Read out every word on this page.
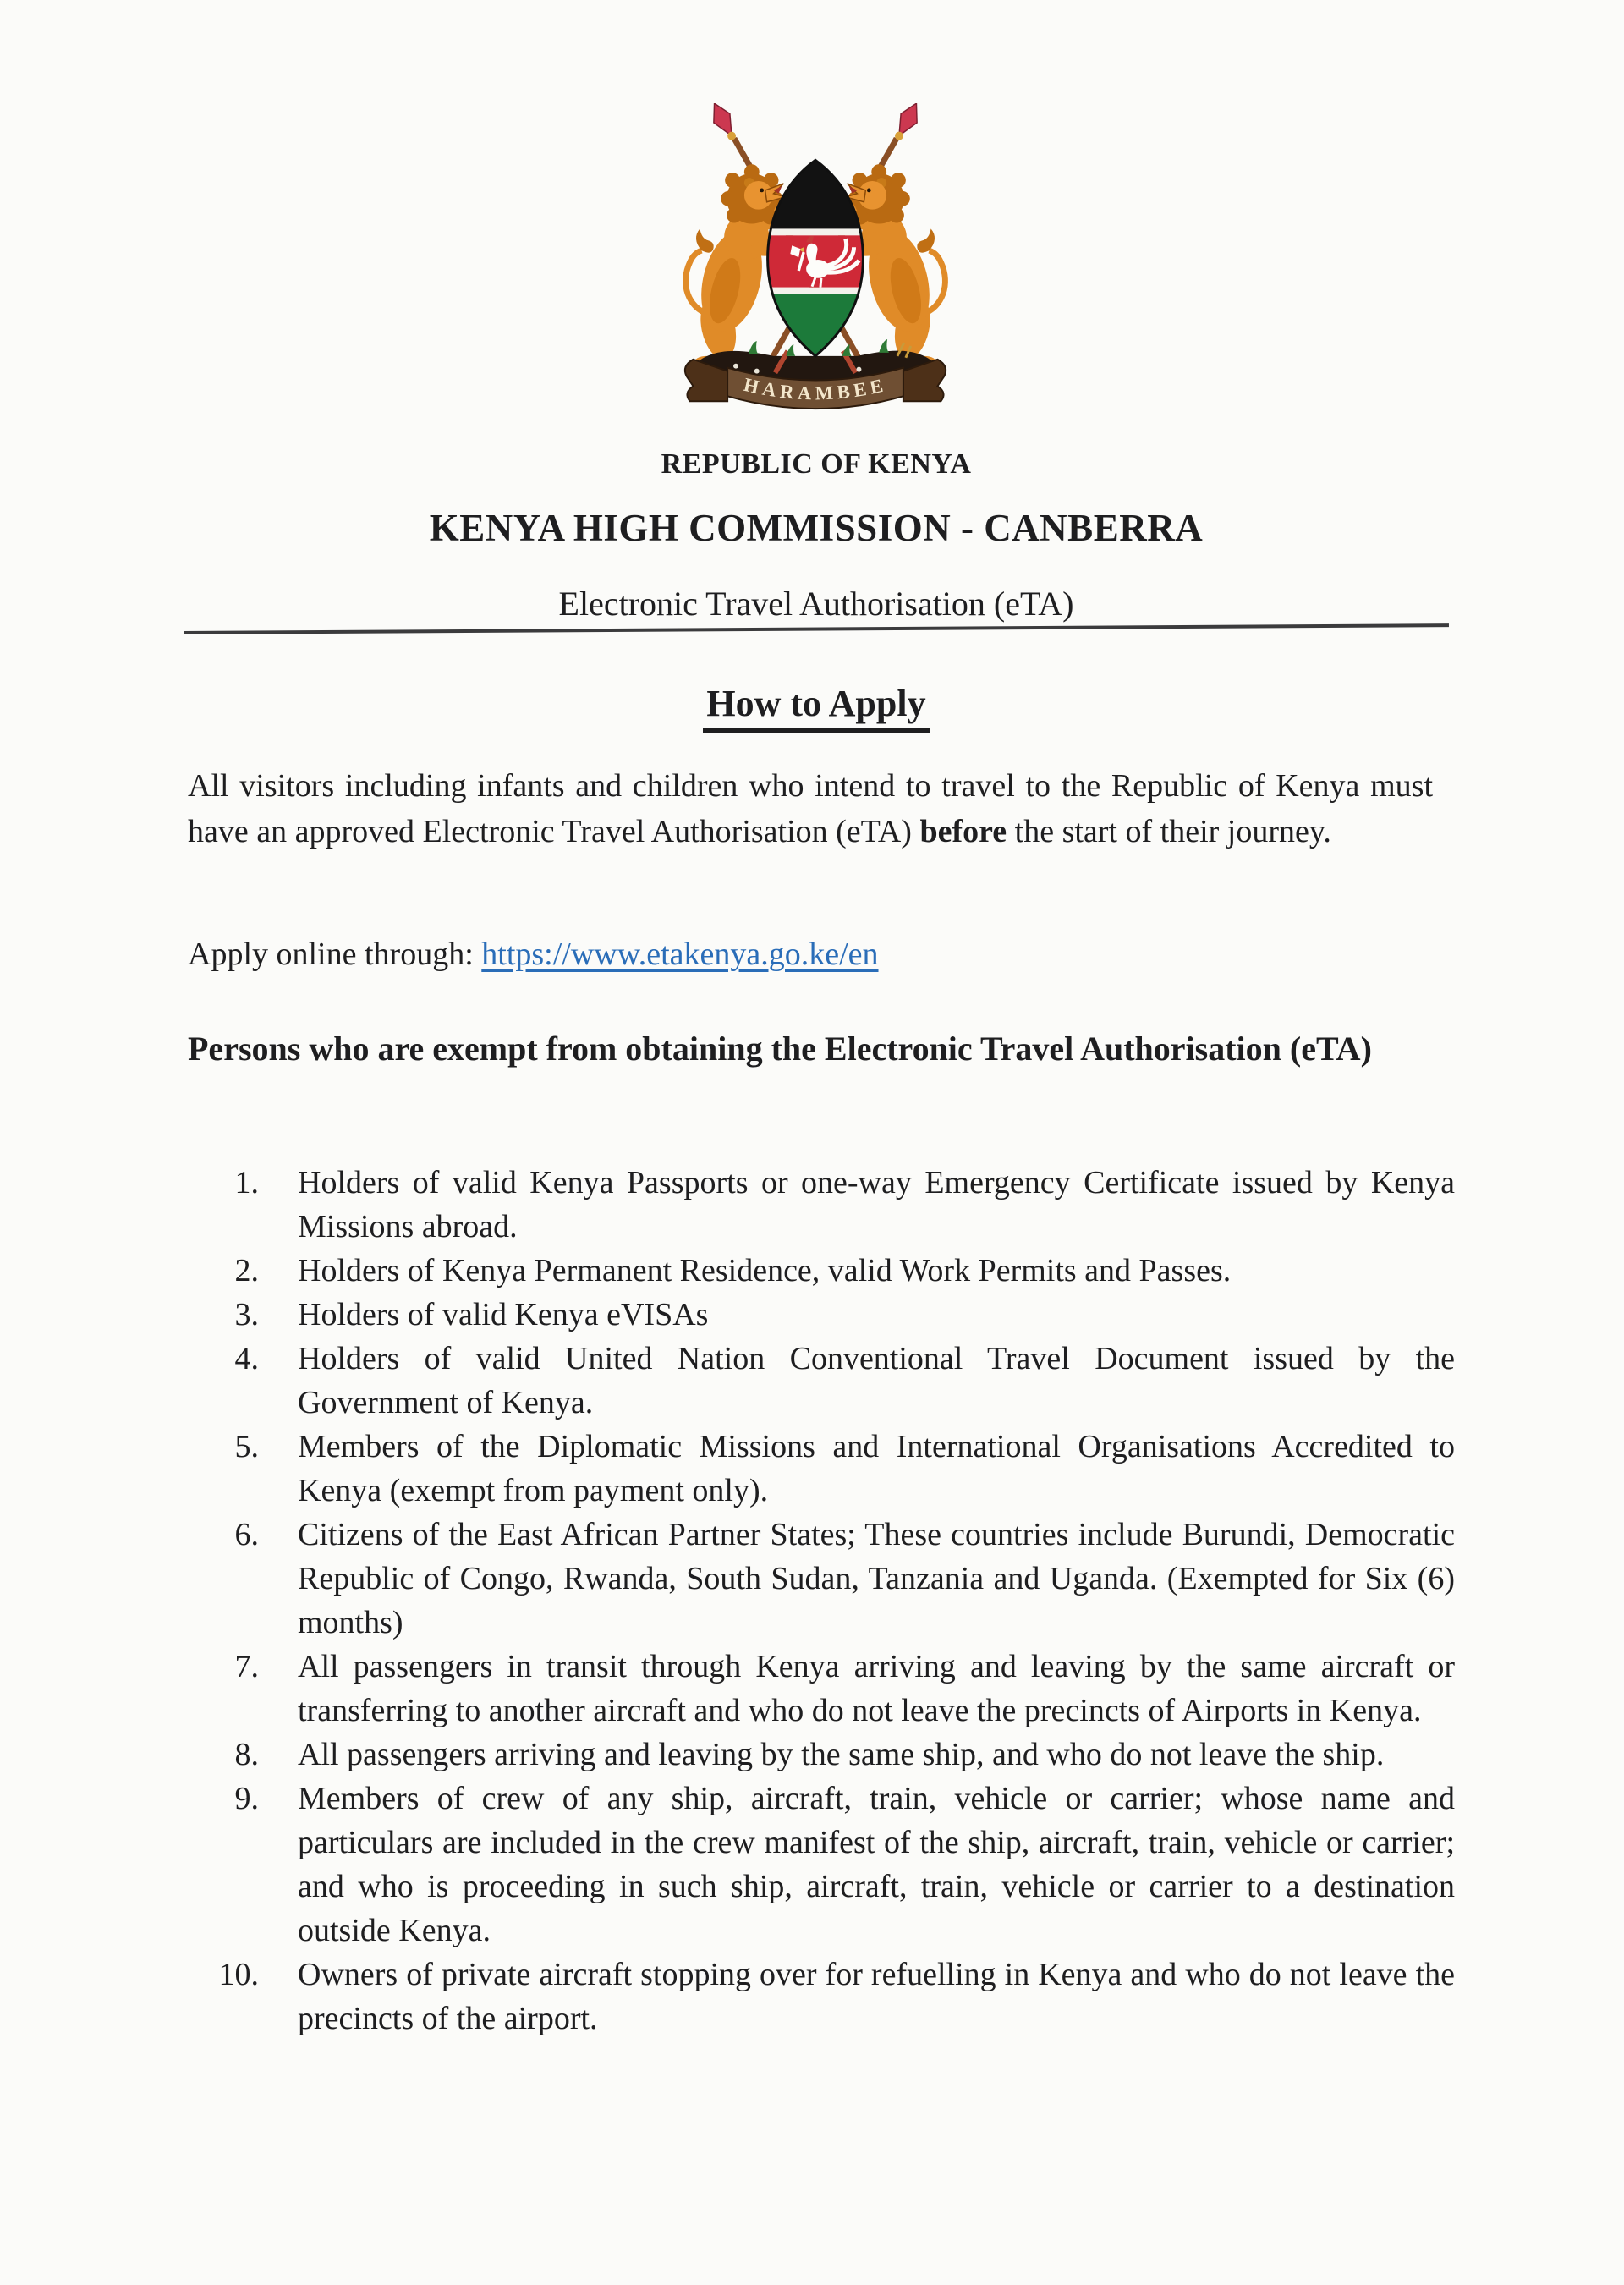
HARAMBEE
REPUBLIC OF KENYA
KENYA HIGH COMMISSION - CANBERRA
Electronic Travel Authorisation (eTA)
How to Apply

All visitors including infants and children who intend to travel to the Republic of Kenya must have an approved Electronic Travel Authorisation (eTA) before the start of their journey.

Apply online through: https://www.etakenya.go.ke/en

Persons who are exempt from obtaining the Electronic Travel Authorisation (eTA)
1.	Holders of valid Kenya Passports or one-way Emergency Certificate issued by Kenya Missions abroad.
2.	Holders of Kenya Permanent Residence, valid Work Permits and Passes.
3.	Holders of valid Kenya eVISAs
4.	Holders of valid United Nation Conventional Travel Document issued by the Government of Kenya.
5.	Members of the Diplomatic Missions and International Organisations Accredited to Kenya (exempt from payment only).
6.	Citizens of the East African Partner States; These countries include Burundi, Democratic Republic of Congo, Rwanda, South Sudan, Tanzania and Uganda. (Exempted for Six (6) months)
7.	All passengers in transit through Kenya arriving and leaving by the same aircraft or transferring to another aircraft and who do not leave the precincts of Airports in Kenya.
8.	All passengers arriving and leaving by the same ship, and who do not leave the ship.
9.	Members of crew of any ship, aircraft, train, vehicle or carrier; whose name and particulars are included in the crew manifest of the ship, aircraft, train, vehicle or carrier; and who is proceeding in such ship, aircraft, train, vehicle or carrier to a destination outside Kenya.
10.	Owners of private aircraft stopping over for refuelling in Kenya and who do not leave the precincts of the airport.
